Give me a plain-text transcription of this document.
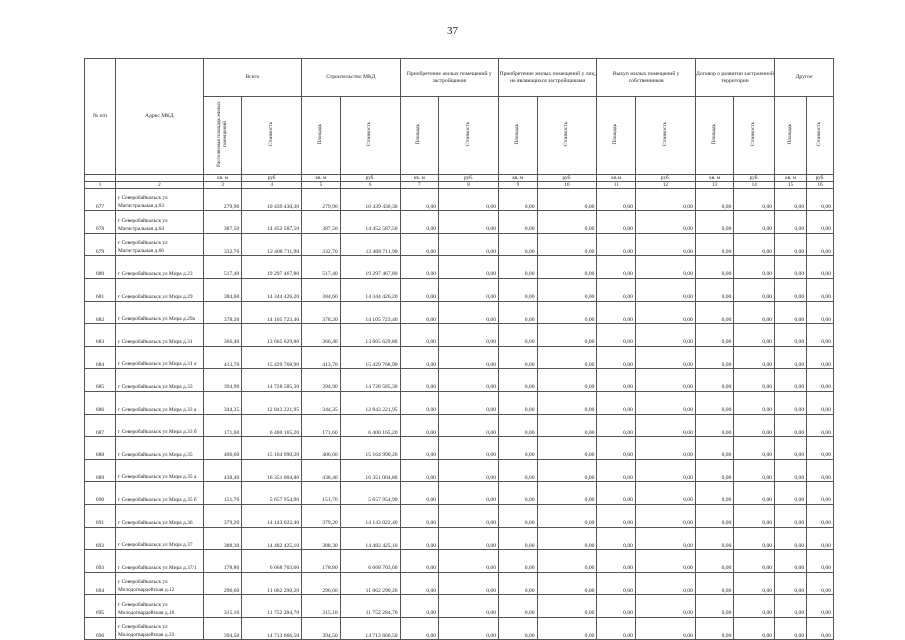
37
№ п/п	Адрес МКД	Всего		Строительство МКД		Приобретение жилых помещений у застройщиков		Приобретение жилых помещений у лиц, не являющихся застройщиками		Выкуп жилых помещений у собственников		Договор о развитии застроенной территории		Другое	
		Расселяемая площадь жилых помещений	Стоимость	Площадь	Стоимость	Площадь	Стоимость	Площадь	Стоимость	Площадь	Стоимость	Площадь	Стоимость	Площадь	Стоимость
		кв. м	руб	кв. м	руб.	кв. м	руб.	кв. м	руб.	кв.м	руб.	кв. м	руб.	кв. м	руб.
1	2	3	4	5	6	7	8	9	10	11	12	13	14	15	16
677	г Северобайкальск ул Магистральная д.63	279,90	10 439 430,30	279,90	10 439 430,30	0,00	0,00	0,00	0,00	0,00	0,00	0,00	0,00	0,00	0,00
678	г Северобайкальск ул Магистральная д.64	387,50	14 452 587,50	387,50	14 452 587,50	0,00	0,00	0,00	0,00	0,00	0,00	0,00	0,00	0,00	0,00
679	г Северобайкальск ул Магистральная д.66	332,70	12 408 711,90	332,70	12 408 711,90	0,00	0,00	0,00	0,00	0,00	0,00	0,00	0,00	0,00	0,00
680	г Северобайкальск ул Мира д.23	517,40	19 297 467,80	517,40	19 297 467,80	0,00	0,00	0,00	0,00	0,00	0,00	0,00	0,00	0,00	0,00
681	г Северобайкальск ул Мира д.29	384,60	14 344 426,20	384,60	14 344 426,20	0,00	0,00	0,00	0,00	0,00	0,00	0,00	0,00	0,00	0,00
682	г Северобайкальск ул Мира д.29а	378,20	14 105 723,40	378,20	14 105 723,40	0,00	0,00	0,00	0,00	0,00	0,00	0,00	0,00	0,00	0,00
683	г Северобайкальск ул Мира д.31	366,40	13 665 629,80	366,40	13 665 629,80	0,00	0,00	0,00	0,00	0,00	0,00	0,00	0,00	0,00	0,00
684	г Северобайкальск ул Мира д.31 а	413,70	15 429 768,90	413,70	15 429 768,90	0,00	0,00	0,00	0,00	0,00	0,00	0,00	0,00	0,00	0,00
685	г Северобайкальск ул Мира д.33	394,90	14 728 585,30	394,90	14 728 585,30	0,00	0,00	0,00	0,00	0,00	0,00	0,00	0,00	0,00	0,00
686	г Северобайкальск ул Мира д.33 а	344,35	12 843 221,95	344,35	12 843 221,95	0,00	0,00	0,00	0,00	0,00	0,00	0,00	0,00	0,00	0,00
687	г Северобайкальск ул Мира д.33 б	171,60	6 400 165,20	171,60	6 400 165,20	0,00	0,00	0,00	0,00	0,00	0,00	0,00	0,00	0,00	0,00
688	г Северобайкальск ул Мира д.35	406,60	15 164 990,20	406,60	15 164 990,20	0,00	0,00	0,00	0,00	0,00	0,00	0,00	0,00	0,00	0,00
689	г Северобайкальск ул Мира д.35 а	438,40	16 351 004,80	438,40	16 351 004,80	0,00	0,00	0,00	0,00	0,00	0,00	0,00	0,00	0,00	0,00
690	г Северобайкальск ул Мира д.35 б	151,70	5 657 954,90	151,70	5 657 954,90	0,00	0,00	0,00	0,00	0,00	0,00	0,00	0,00	0,00	0,00
691	г Северобайкальск ул Мира д.36	379,20	14 143 022,40	379,20	14 143 022,40	0,00	0,00	0,00	0,00	0,00	0,00	0,00	0,00	0,00	0,00
692	г Северобайкальск ул Мира д.37	388,30	14 482 425,10	388,30	14 482 425,10	0,00	0,00	0,00	0,00	0,00	0,00	0,00	0,00	0,00	0,00
693	г Северобайкальск ул Мира д.37/1	178,80	6 668 703,60	178,80	6 668 703,60	0,00	0,00	0,00	0,00	0,00	0,00	0,00	0,00	0,00	0,00
694	г Северобайкальск ул Молодогвардейская д.12	296,60	11 062 290,20	296,60	11 062 290,20	0,00	0,00	0,00	0,00	0,00	0,00	0,00	0,00	0,00	0,00
695	г Северобайкальск ул Молодогвардейская д.16	315,10	11 752 284,70	315,10	11 752 284,70	0,00	0,00	0,00	0,00	0,00	0,00	0,00	0,00	0,00	0,00
696	г Северобайкальск ул Молодогвардейская д.33	394,50	14 713 666,50	394,50	14 713 666,50	0,00	0,00	0,00	0,00	0,00	0,00	0,00	0,00	0,00	0,00
